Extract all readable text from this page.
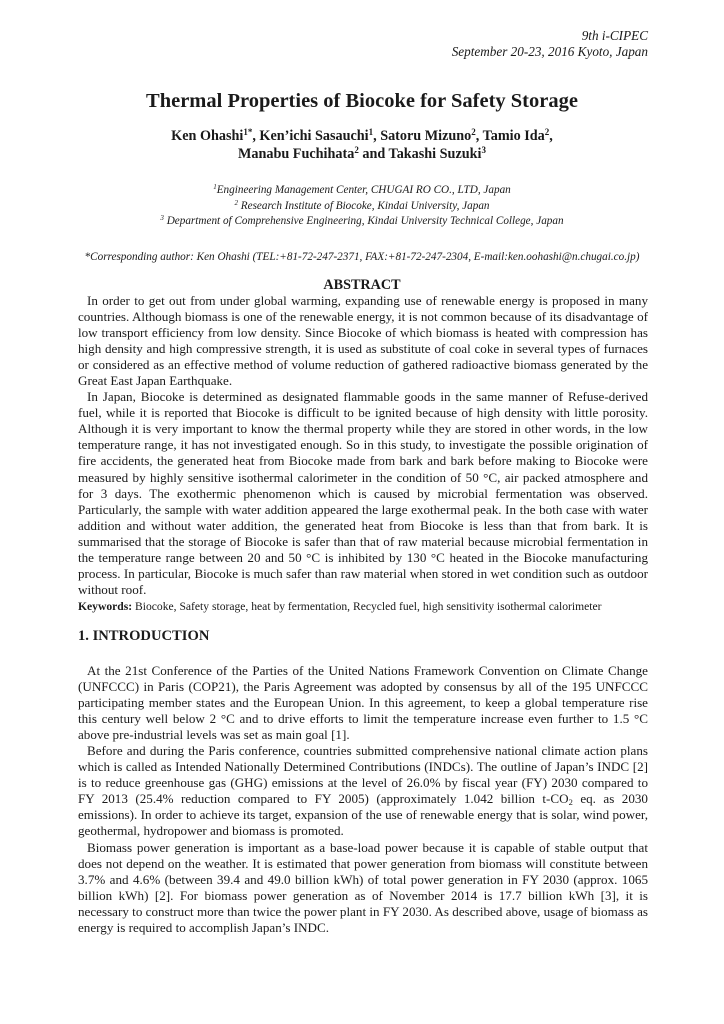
9th i-CIPEC
September 20-23, 2016 Kyoto, Japan
Thermal Properties of Biocoke for Safety Storage
Ken Ohashi$^{1*}$, Ken’ichi Sasauchi$^1$, Satoru Mizuno$^2$, Tamio Ida$^2$,
Manabu Fuchihata$^2$ and Takashi Suzuki$^3$
$^1$Engineering Management Center, CHUGAI RO CO., LTD, Japan
$^2$ Research Institute of Biocoke, Kindai University, Japan
$^3$ Department of Comprehensive Engineering, Kindai University Technical College, Japan
*Corresponding author: Ken Ohashi (TEL:+81-72-247-2371, FAX:+81-72-247-2304, E-mail:ken.oohashi@n.chugai.co.jp)
ABSTRACT

In order to get out from under global warming, expanding use of renewable energy is proposed in many countries. Although biomass is one of the renewable energy, it is not common because of its disadvantage of low transport efficiency from low density. Since Biocoke of which biomass is heated with compression has high density and high compressive strength, it is used as substitute of coal coke in several types of furnaces or considered as an effective method of volume reduction of gathered radioactive biomass generated by the Great East Japan Earthquake.

In Japan, Biocoke is determined as designated flammable goods in the same manner of Refuse-derived fuel, while it is reported that Biocoke is difficult to be ignited because of high density with little porosity. Although it is very important to know the thermal property while they are stored in other words, in the low temperature range, it has not investigated enough. So in this study, to investigate the possible origination of fire accidents, the generated heat from Biocoke made from bark and bark before making to Biocoke were measured by highly sensitive isothermal calorimeter in the condition of 50 °C, air packed atmosphere and for 3 days. The exothermic phenomenon which is caused by microbial fermentation was observed. Particularly, the sample with water addition appeared the large exothermal peak. In the both case with water addition and without water addition, the generated heat from Biocoke is less than that from bark. It is summarised that the storage of Biocoke is safer than that of raw material because microbial fermentation in the temperature range between 20 and 50 °C is inhibited by 130 °C heated in the Biocoke manufacturing process. In particular, Biocoke is much safer than raw material when stored in wet condition such as outdoor without roof.

Keywords: Biocoke, Safety storage, heat by fermentation, Recycled fuel, high sensitivity isothermal calorimeter
1. INTRODUCTION

At the 21st Conference of the Parties of the United Nations Framework Convention on Climate Change (UNFCCC) in Paris (COP21), the Paris Agreement was adopted by consensus by all of the 195 UNFCCC participating member states and the European Union. In this agreement, to keep a global temperature rise this century well below 2 °C and to drive efforts to limit the temperature increase even further to 1.5 °C above pre-industrial levels was set as main goal [1].

Before and during the Paris conference, countries submitted comprehensive national climate action plans which is called as Intended Nationally Determined Contributions (INDCs). The outline of Japan’s INDC [2] is to reduce greenhouse gas (GHG) emissions at the level of 26.0% by fiscal year (FY) 2030 compared to FY 2013 (25.4% reduction compared to FY 2005) (approximately 1.042 billion $t-CO_2$ eq. as 2030 emissions). In order to achieve its target, expansion of the use of renewable energy that is solar, wind power, geothermal, hydropower and biomass is promoted.

Biomass power generation is important as a base-load power because it is capable of stable output that does not depend on the weather. It is estimated that power generation from biomass will constitute between 3.7% and 4.6% (between 39.4 and 49.0 billion kWh) of total power generation in FY 2030 (approx. 1065 billion kWh) [2]. For biomass power generation as of November 2014 is 17.7 billion kWh [3], it is necessary to construct more than twice the power plant in FY 2030. As described above, usage of biomass as energy is required to accomplish Japan’s INDC.
